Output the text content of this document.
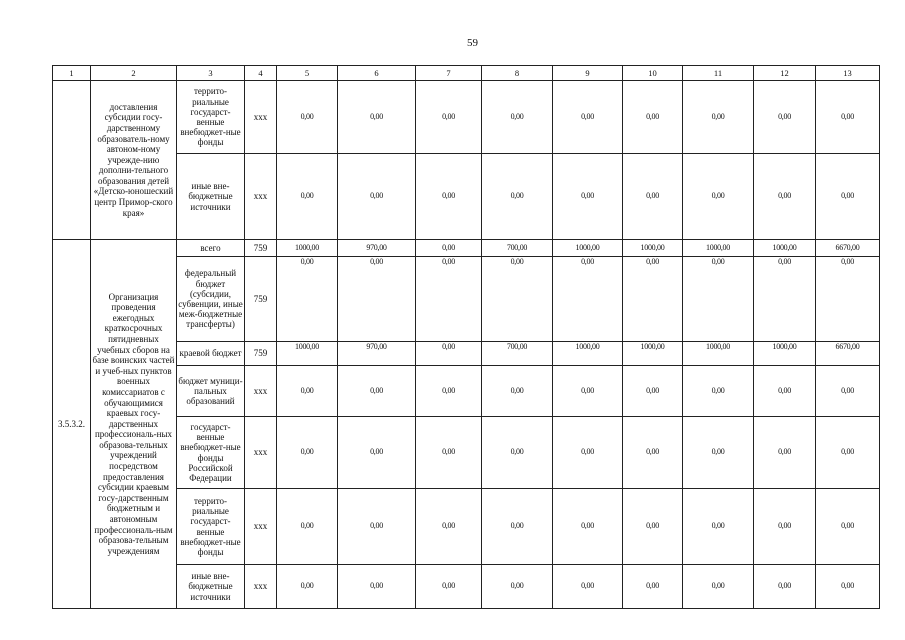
59
1	2	3	4	5	6	7	8	9	10	11	12	13
	доставления субсидии госу-дарственному образователь-ному автоном-ному учрежде-нию дополни-тельного образования детей «Детско-юношеский центр Примор-ского края»	террито-риальные государст-венные внебюджет-ные фонды	ххх	0,00	0,00	0,00	0,00	0,00	0,00	0,00	0,00	0,00
		иные вне-бюджетные источники	ххх	0,00	0,00	0,00	0,00	0,00	0,00	0,00	0,00	0,00
3.5.3.2.	Организация проведения ежегодных краткосрочных пятидневных учебных сборов на базе воинских частей и учеб-ных пунктов военных комиссариатов с обучающимися краевых госу-дарственных профессиональ-ных образова-тельных учреждений посредством предоставления субсидии краевым госу-дарственным бюджетным и автономным профессиональ-ным образова-тельным учреждениям	всего	759	1000,00	970,00	0,00	700,00	1000,00	1000,00	1000,00	1000,00	6670,00
		федеральный бюджет (субсидии, субвенции, иные меж-бюджетные трансферты)	759	0,00	0,00	0,00	0,00	0,00	0,00	0,00	0,00	0,00
		краевой бюджет	759	1000,00	970,00	0,00	700,00	1000,00	1000,00	1000,00	1000,00	6670,00
		бюджет муници-пальных образований	ххх	0,00	0,00	0,00	0,00	0,00	0,00	0,00	0,00	0,00
		государст-венные внебюджет-ные фонды Российской Федерации	ххх	0,00	0,00	0,00	0,00	0,00	0,00	0,00	0,00	0,00
		террито-риальные государст-венные внебюджет-ные фонды	ххх	0,00	0,00	0,00	0,00	0,00	0,00	0,00	0,00	0,00
		иные вне-бюджетные источники	ххх	0,00	0,00	0,00	0,00	0,00	0,00	0,00	0,00	0,00
